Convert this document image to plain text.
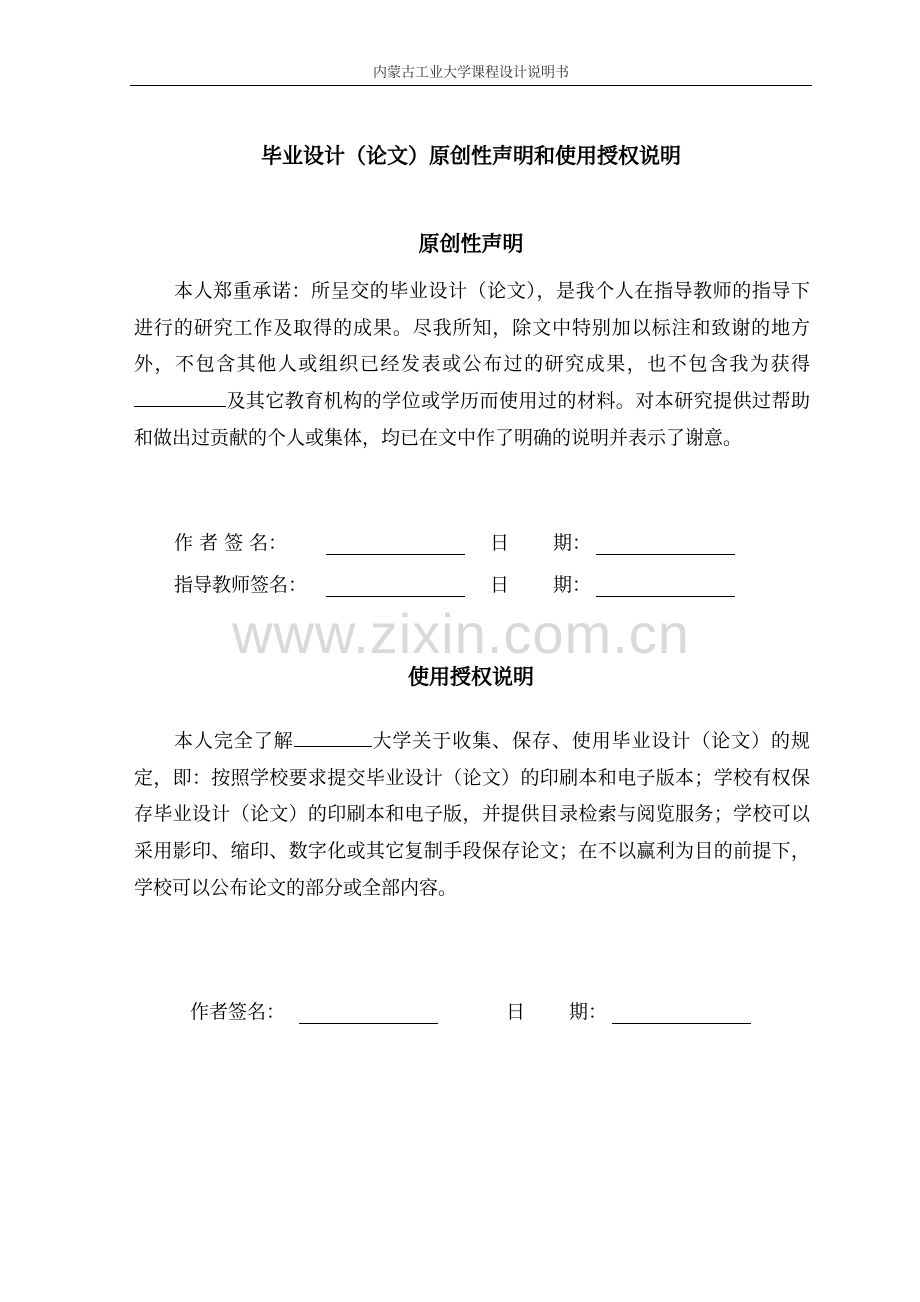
内蒙古工业大学课程设计说明书
毕业设计（论文）原创性声明和使用授权说明
原创性声明
本人郑重承诺：所呈交的毕业设计（论文），是我个人在指导教师的指导下进行的研究工作及取得的成果。尽我所知，除文中特别加以标注和致谢的地方外，不包含其他人或组织已经发表或公布过的研究成果，也不包含我为获得及其它教育机构的学位或学历而使用过的材料。对本研究提供过帮助和做出过贡献的个人或集体，均已在文中作了明确的说明并表示了谢意。
作 者 签 名：	日 期：
指导教师签名：	日 期：
www.zixin.com.cn
使用授权说明
本人完全了解	大学关于收集、保存、使用毕业设计（论文）的规定，即：按照学校要求提交毕业设计（论文）的印刷本和电子版本；学校有权保存毕业设计（论文）的印刷本和电子版，并提供目录检索与阅览服务；学校可以采用影印、缩印、数字化或其它复制手段保存论文；在不以赢利为目的前提下，学校可以公布论文的部分或全部内容。
作者签名：	日 期：
